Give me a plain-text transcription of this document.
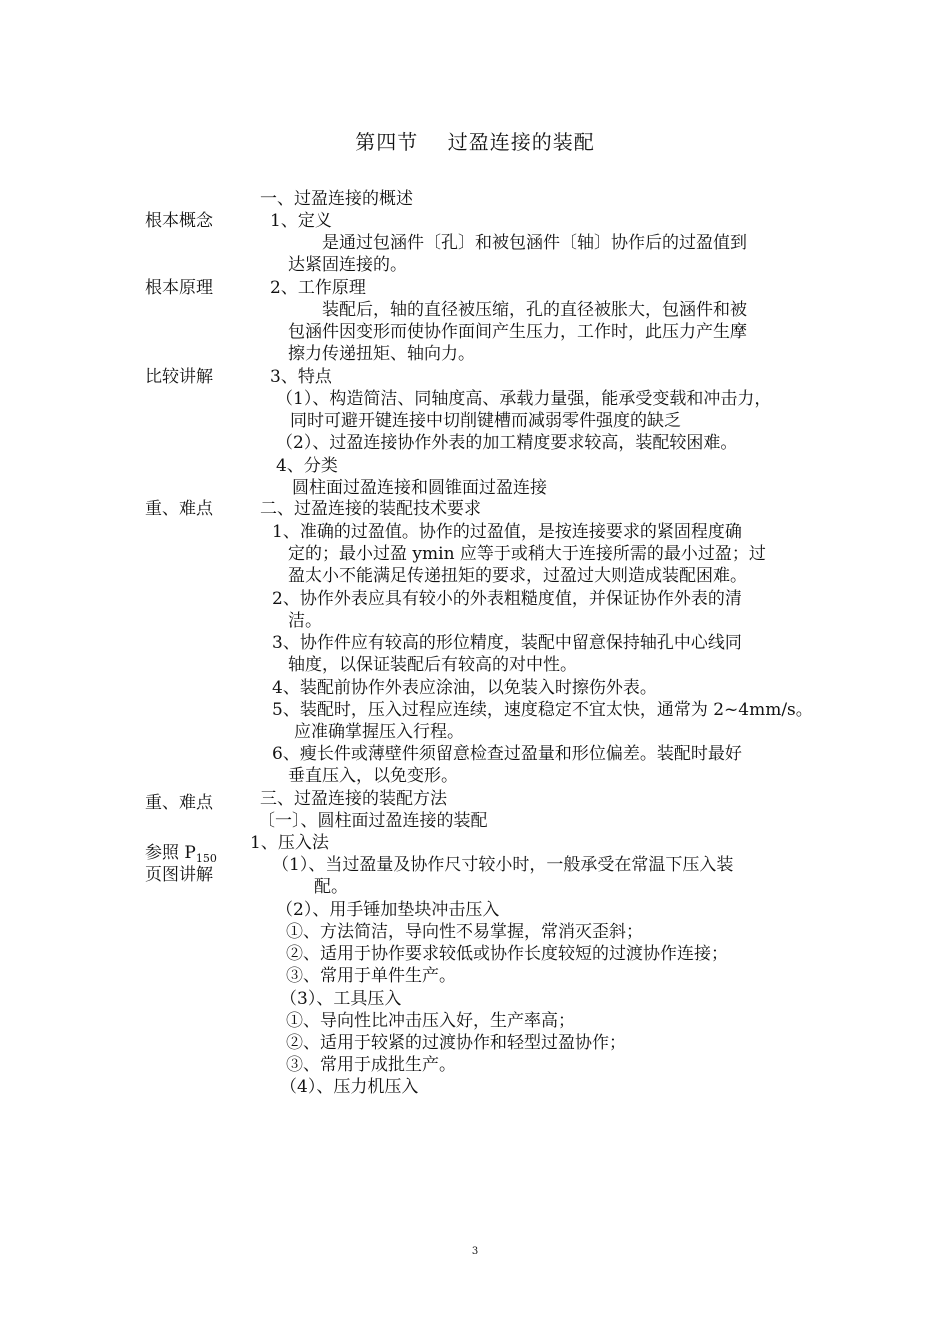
第四节    过盈连接的装配
根本概念
根本原理
比较讲解
重、难点
重、难点
参照 $P_{150}$
页图讲解
一、过盈连接的概述
1、定义
是通过包涵件〔孔〕和被包涵件〔轴〕协作后的过盈值到
达紧固连接的。
2、工作原理
装配后，轴的直径被压缩，孔的直径被胀大，包涵件和被
包涵件因变形而使协作面间产生压力，工作时，此压力产生摩
擦力传递扭矩、轴向力。
3、特点
（1）、构造简洁、同轴度高、承载力量强，能承受变载和冲击力，
同时可避开键连接中切削键槽而减弱零件强度的缺乏
（2）、过盈连接协作外表的加工精度要求较高，装配较困难。
4、分类
圆柱面过盈连接和圆锥面过盈连接
二、过盈连接的装配技术要求
1、准确的过盈值。协作的过盈值，是按连接要求的紧固程度确
定的；最小过盈 ymin 应等于或稍大于连接所需的最小过盈；过
盈太小不能满足传递扭矩的要求，过盈过大则造成装配困难。
2、协作外表应具有较小的外表粗糙度值，并保证协作外表的清
洁。
3、协作件应有较高的形位精度，装配中留意保持轴孔中心线同
轴度，以保证装配后有较高的对中性。
4、装配前协作外表应涂油，以免装入时擦伤外表。
5、装配时，压入过程应连续，速度稳定不宜太快，通常为 2~4mm/s。
应准确掌握压入行程。
6、瘦长件或薄壁件须留意检查过盈量和形位偏差。装配时最好
垂直压入，以免变形。
三、过盈连接的装配方法
〔一〕、圆柱面过盈连接的装配
1、压入法
（1）、当过盈量及协作尺寸较小时，一般承受在常温下压入装
配。
（2）、用手锤加垫块冲击压入
①、方法简洁，导向性不易掌握，常消灭歪斜；
②、适用于协作要求较低或协作长度较短的过渡协作连接；
③、常用于单件生产。
（3）、工具压入
①、导向性比冲击压入好，生产率高；
②、适用于较紧的过渡协作和轻型过盈协作；
③、常用于成批生产。
（4）、压力机压入
3
